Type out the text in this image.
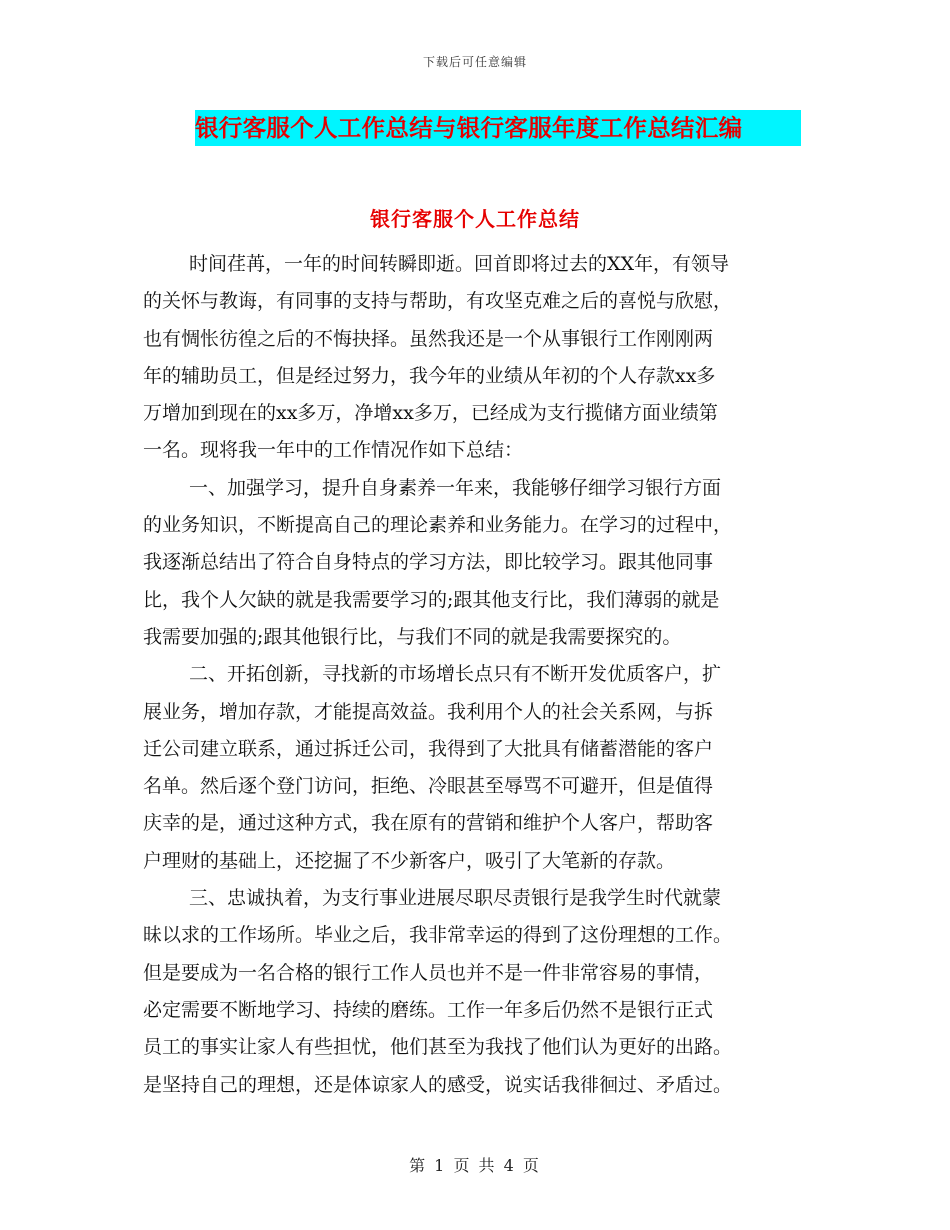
下载后可任意编辑
银行客服个人工作总结与银行客服年度工作总结汇编
银行客服个人工作总结
时间荏苒，一年的时间转瞬即逝。回首即将过去的XX年，有领导
的关怀与教诲，有同事的支持与帮助，有攻坚克难之后的喜悦与欣慰，
也有惆怅彷徨之后的不悔抉择。虽然我还是一个从事银行工作刚刚两
年的辅助员工，但是经过努力，我今年的业绩从年初的个人存款xx多
万增加到现在的xx多万，净增xx多万，已经成为支行揽储方面业绩第
一名。现将我一年中的工作情况作如下总结：
一、加强学习，提升自身素养一年来，我能够仔细学习银行方面
的业务知识，不断提高自己的理论素养和业务能力。在学习的过程中，
我逐渐总结出了符合自身特点的学习方法，即比较学习。跟其他同事
比，我个人欠缺的就是我需要学习的;跟其他支行比，我们薄弱的就是
我需要加强的;跟其他银行比，与我们不同的就是我需要探究的。
二、开拓创新，寻找新的市场增长点只有不断开发优质客户，扩
展业务，增加存款，才能提高效益。我利用个人的社会关系网，与拆
迁公司建立联系，通过拆迁公司，我得到了大批具有储蓄潜能的客户
名单。然后逐个登门访问，拒绝、冷眼甚至辱骂不可避开，但是值得
庆幸的是，通过这种方式，我在原有的营销和维护个人客户，帮助客
户理财的基础上，还挖掘了不少新客户，吸引了大笔新的存款。
三、忠诚执着，为支行事业进展尽职尽责银行是我学生时代就蒙
昧以求的工作场所。毕业之后，我非常幸运的得到了这份理想的工作。
但是要成为一名合格的银行工作人员也并不是一件非常容易的事情，
必定需要不断地学习、持续的磨练。工作一年多后仍然不是银行正式
员工的事实让家人有些担忧，他们甚至为我找了他们认为更好的出路。
是坚持自己的理想，还是体谅家人的感受，说实话我徘徊过、矛盾过。
第 1 页 共 4 页
